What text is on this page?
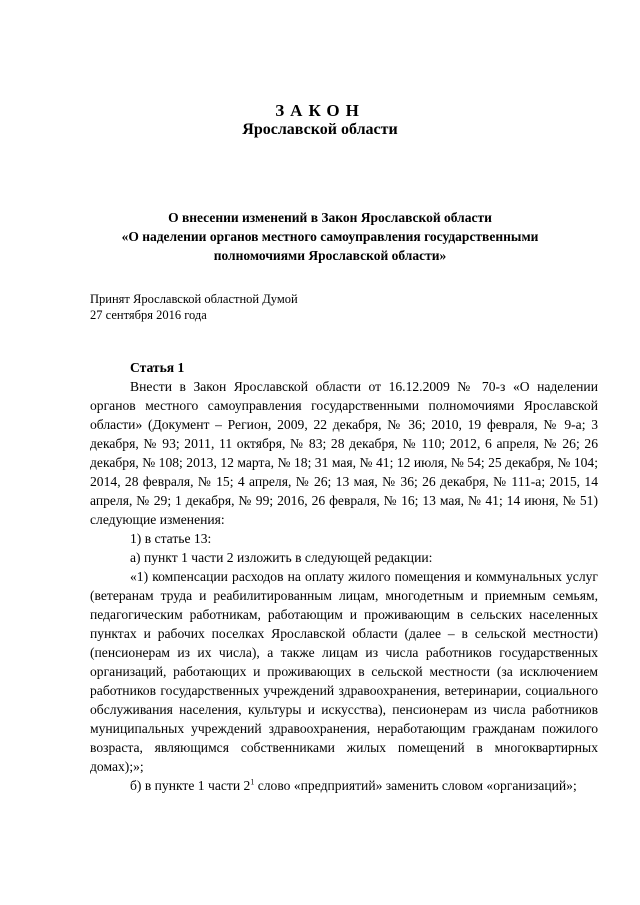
ЗАКОН
Ярославской области
О внесении изменений в Закон Ярославской области
«О наделении органов местного самоуправления государственными
полномочиями Ярославской области»
Принят Ярославской областной Думой
27 сентября 2016 года

Статья 1

Внести в Закон Ярославской области от 16.12.2009 № 70-з «О наделении органов местного самоуправления государственными полномочиями Ярославской области» (Документ – Регион, 2009, 22 декабря, № 36; 2010, 19 февраля, № 9-а; 3 декабря, № 93; 2011, 11 октября, № 83; 28 декабря, № 110; 2012, 6 апреля, № 26; 26 декабря, № 108; 2013, 12 марта, № 18; 31 мая, № 41; 12 июля, № 54; 25 декабря, № 104; 2014, 28 февраля, № 15; 4 апреля, № 26; 13 мая, № 36; 26 декабря, № 111-а; 2015, 14 апреля, № 29; 1 декабря, № 99; 2016, 26 февраля, № 16; 13 мая, № 41; 14 июня, № 51) следующие изменения:

1) в статье 13:

а) пункт 1 части 2 изложить в следующей редакции:

«1) компенсации расходов на оплату жилого помещения и коммунальных услуг (ветеранам труда и реабилитированным лицам, многодетным и приемным семьям, педагогическим работникам, работающим и проживающим в сельских населенных пунктах и рабочих поселках Ярославской области (далее – в сельской местности) (пенсионерам из их числа), а также лицам из числа работников государственных организаций, работающих и проживающих в сельской местности (за исключением работников государственных учреждений здравоохранения, ветеринарии, социального обслуживания населения, культуры и искусства), пенсионерам из числа работников муниципальных учреждений здравоохранения, неработающим гражданам пожилого возраста, являющимся собственниками жилых помещений в многоквартирных домах);»;

б) в пункте 1 части $2^1$ слово «предприятий» заменить словом «организаций»;
